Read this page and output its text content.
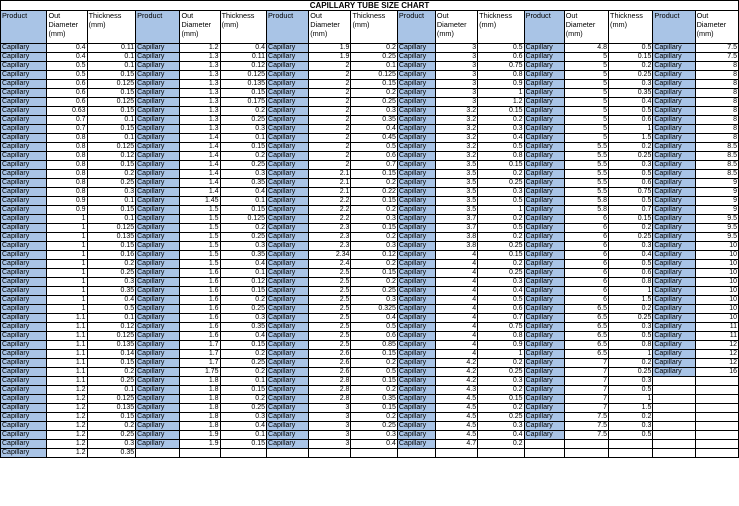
CAPILLARY TUBE SIZE CHART
Product	Out Diameter (mm)	Thickness (mm)	Product	Out Diameter (mm)	Thickness (mm)	Product	Out Diameter (mm)	Thickness (mm)	Product	Out Diameter (mm)	Thickness (mm)	Product	Out Diameter (mm)	Thickness (mm)	Product	Out Diameter (mm)
Capillary	0.4	0.11	Capillary	1.2	0.4	Capillary	1.9	0.2	Capillary	3	0.5	Capillary	4.8	0.5	Capillary	7.5
Capillary	0.4	0.1	Capillary	1.3	0.11	Capillary	1.9	0.25	Capillary	3	0.6	Capillary	5	0.15	Capillary	7.5
Capillary	0.5	0.1	Capillary	1.3	0.12	Capillary	2	0.1	Capillary	3	0.75	Capillary	5	0.2	Capillary	8
Capillary	0.5	0.15	Capillary	1.3	0.125	Capillary	2	0.125	Capillary	3	0.8	Capillary	5	0.25	Capillary	8
Capillary	0.6	0.125	Capillary	1.3	0.135	Capillary	2	0.15	Capillary	3	0.9	Capillary	5	0.3	Capillary	8
Capillary	0.6	0.15	Capillary	1.3	0.15	Capillary	2	0.2	Capillary	3	1	Capillary	5	0.35	Capillary	8
Capillary	0.6	0.125	Capillary	1.3	0.175	Capillary	2	0.25	Capillary	3	1.2	Capillary	5	0.4	Capillary	8
Capillary	0.63	0.15	Capillary	1.3	0.2	Capillary	2	0.3	Capillary	3.2	0.15	Capillary	5	0.5	Capillary	8
Capillary	0.7	0.1	Capillary	1.3	0.25	Capillary	2	0.35	Capillary	3.2	0.2	Capillary	5	0.6	Capillary	8
Capillary	0.7	0.15	Capillary	1.3	0.3	Capillary	2	0.4	Capillary	3.2	0.3	Capillary	5	1	Capillary	8
Capillary	0.8	0.1	Capillary	1.4	0.1	Capillary	2	0.45	Capillary	3.2	0.4	Capillary	5	1.5	Capillary	8
Capillary	0.8	0.125	Capillary	1.4	0.15	Capillary	2	0.5	Capillary	3.2	0.5	Capillary	5.5	0.2	Capillary	8.5
Capillary	0.8	0.12	Capillary	1.4	0.2	Capillary	2	0.6	Capillary	3.2	0.8	Capillary	5.5	0.25	Capillary	8.5
Capillary	0.8	0.15	Capillary	1.4	0.25	Capillary	2	0.7	Capillary	3.5	0.15	Capillary	5.5	0.3	Capillary	8.5
Capillary	0.8	0.2	Capillary	1.4	0.3	Capillary	2.1	0.15	Capillary	3.5	0.2	Capillary	5.5	0.5	Capillary	8.5
Capillary	0.8	0.25	Capillary	1.4	0.35	Capillary	2.1	0.2	Capillary	3.5	0.25	Capillary	5.5	0.6	Capillary	9
Capillary	0.8	0.3	Capillary	1.4	0.4	Capillary	2.1	0.22	Capillary	3.5	0.3	Capillary	5.5	0.75	Capillary	9
Capillary	0.9	0.1	Capillary	1.45	0.1	Capillary	2.2	0.15	Capillary	3.5	0.5	Capillary	5.8	0.5	Capillary	9
Capillary	0.9	0.15	Capillary	1.5	0.15	Capillary	2.2	0.2	Capillary	3.5	1	Capillary	5.8	0.7	Capillary	9
Capillary	1	0.1	Capillary	1.5	0.125	Capillary	2.2	0.3	Capillary	3.7	0.2	Capillary	6	0.15	Capillary	9.5
Capillary	1	0.125	Capillary	1.5	0.2	Capillary	2.3	0.15	Capillary	3.7	0.5	Capillary	6	0.2	Capillary	9.5
Capillary	1	0.135	Capillary	1.5	0.25	Capillary	2.3	0.2	Capillary	3.8	0.2	Capillary	6	0.25	Capillary	9.5
Capillary	1	0.15	Capillary	1.5	0.3	Capillary	2.3	0.3	Capillary	3.8	0.25	Capillary	6	0.3	Capillary	10
Capillary	1	0.16	Capillary	1.5	0.35	Capillary	2.34	0.12	Capillary	4	0.15	Capillary	6	0.4	Capillary	10
Capillary	1	0.2	Capillary	1.5	0.4	Capillary	2.4	0.2	Capillary	4	0.2	Capillary	6	0.5	Capillary	10
Capillary	1	0.25	Capillary	1.6	0.1	Capillary	2.5	0.15	Capillary	4	0.25	Capillary	6	0.6	Capillary	10
Capillary	1	0.3	Capillary	1.6	0.12	Capillary	2.5	0.2	Capillary	4	0.3	Capillary	6	0.8	Capillary	10
Capillary	1	0.35	Capillary	1.6	0.15	Capillary	2.5	0.25	Capillary	4	0.4	Capillary	6	1	Capillary	10
Capillary	1	0.4	Capillary	1.6	0.2	Capillary	2.5	0.3	Capillary	4	0.5	Capillary	6	1.5	Capillary	10
Capillary	1	0.5	Capillary	1.6	0.25	Capillary	2.5	0.325	Capillary	4	0.6	Capillary	6.5	0.2	Capillary	10
Capillary	1.1	0.1	Capillary	1.6	0.3	Capillary	2.5	0.4	Capillary	4	0.7	Capillary	6.5	0.25	Capillary	10
Capillary	1.1	0.12	Capillary	1.6	0.35	Capillary	2.5	0.5	Capillary	4	0.75	Capillary	6.5	0.3	Capillary	11
Capillary	1.1	0.125	Capillary	1.6	0.4	Capillary	2.5	0.6	Capillary	4	0.8	Capillary	6.5	0.5	Capillary	11
Capillary	1.1	0.135	Capillary	1.7	0.15	Capillary	2.5	0.85	Capillary	4	0.9	Capillary	6.5	0.8	Capillary	12
Capillary	1.1	0.14	Capillary	1.7	0.2	Capillary	2.6	0.15	Capillary	4	1	Capillary	6.5	1	Capillary	12
Capillary	1.1	0.15	Capillary	1.7	0.25	Capillary	2.6	0.2	Capillary	4.2	0.2	Capillary	7	0.2	Capillary	12
Capillary	1.1	0.2	Capillary	1.75	0.2	Capillary	2.6	0.5	Capillary	4.2	0.25	Capillary	7	0.25	Capillary	16
Capillary	1.1	0.25	Capillary	1.8	0.1	Capillary	2.8	0.15	Capillary	4.2	0.3	Capillary	7	0.3		
Capillary	1.2	0.1	Capillary	1.8	0.15	Capillary	2.8	0.2	Capillary	4.3	0.2	Capillary	7	0.5		
Capillary	1.2	0.125	Capillary	1.8	0.2	Capillary	2.8	0.35	Capillary	4.5	0.15	Capillary	7	1		
Capillary	1.2	0.135	Capillary	1.8	0.25	Capillary	3	0.15	Capillary	4.5	0.2	Capillary	7	1.5		
Capillary	1.2	0.15	Capillary	1.8	0.3	Capillary	3	0.2	Capillary	4.5	0.25	Capillary	7.5	0.2		
Capillary	1.2	0.2	Capillary	1.8	0.4	Capillary	3	0.25	Capillary	4.5	0.3	Capillary	7.5	0.3		
Capillary	1.2	0.25	Capillary	1.9	0.1	Capillary	3	0.3	Capillary	4.5	0.4	Capillary	7.5	0.5		
Capillary	1.2	0.3	Capillary	1.9	0.15	Capillary	3	0.4	Capillary	4.7	0.2					
Capillary	1.2	0.35														
